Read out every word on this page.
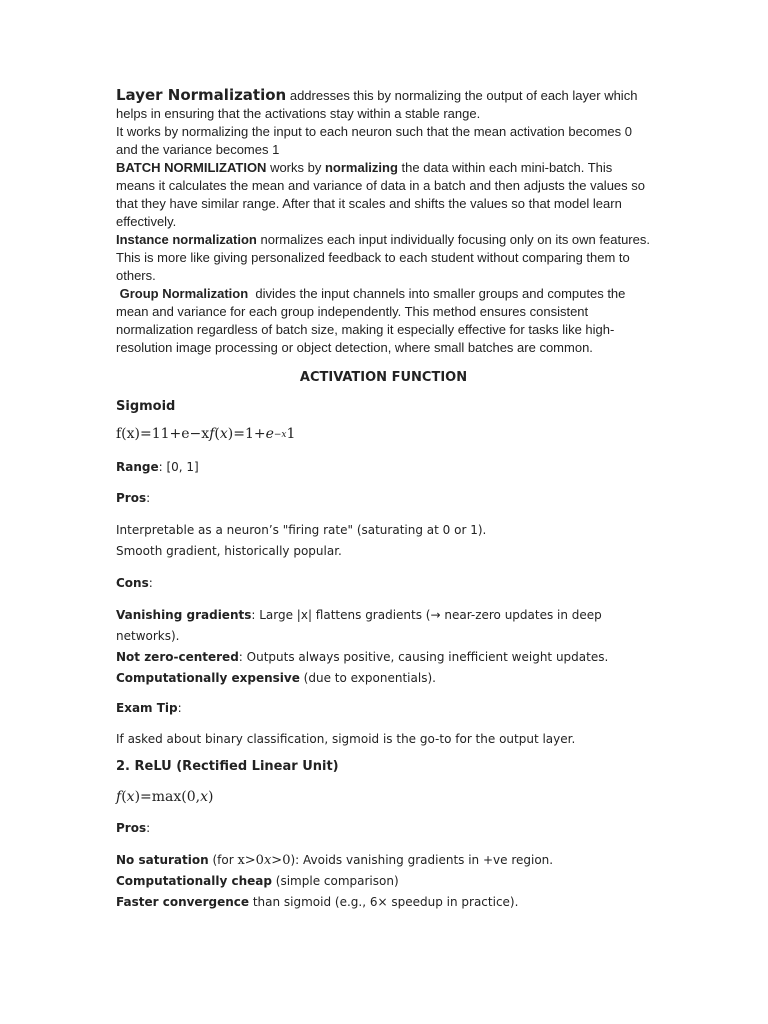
Layer Normalization addresses this by normalizing the output of each layer which helps in ensuring that the activations stay within a stable range.

It works by normalizing the input to each neuron such that the mean activation becomes 0 and the variance becomes 1

BATCH NORMILIZATION works by normalizing the data within each mini-batch. This means it calculates the mean and variance of data in a batch and then adjusts the values so that they have similar range. After that it scales and shifts the values so that model learn effectively.

Instance normalization normalizes each input individually focusing only on its own features. This is more like giving personalized feedback to each student without comparing them to others.

Group Normalization  divides the input channels into smaller groups and computes the mean and variance for each group independently. This method ensures consistent normalization regardless of batch size, making it especially effective for tasks like high-resolution image processing or object detection, where small batches are common.

ACTIVATION FUNCTION

Sigmoid

f(x)=11+e−xf(x)=1+e−x1

Range: [0, 1]

Pros:

Interpretable as a neuron’s "firing rate" (saturating at 0 or 1).

Smooth gradient, historically popular.

Cons:

Vanishing gradients: Large |x| flattens gradients (→ near-zero updates in deep networks).

Not zero-centered: Outputs always positive, causing inefficient weight updates.

Computationally expensive (due to exponentials).

Exam Tip:

If asked about binary classification, sigmoid is the go-to for the output layer.

2. ReLU (Rectified Linear Unit)

f(x)=max(0,x)

Pros:

No saturation (for x>0x>0): Avoids vanishing gradients in +ve region.

Computationally cheap (simple comparison)

Faster convergence than sigmoid (e.g., 6× speedup in practice).
